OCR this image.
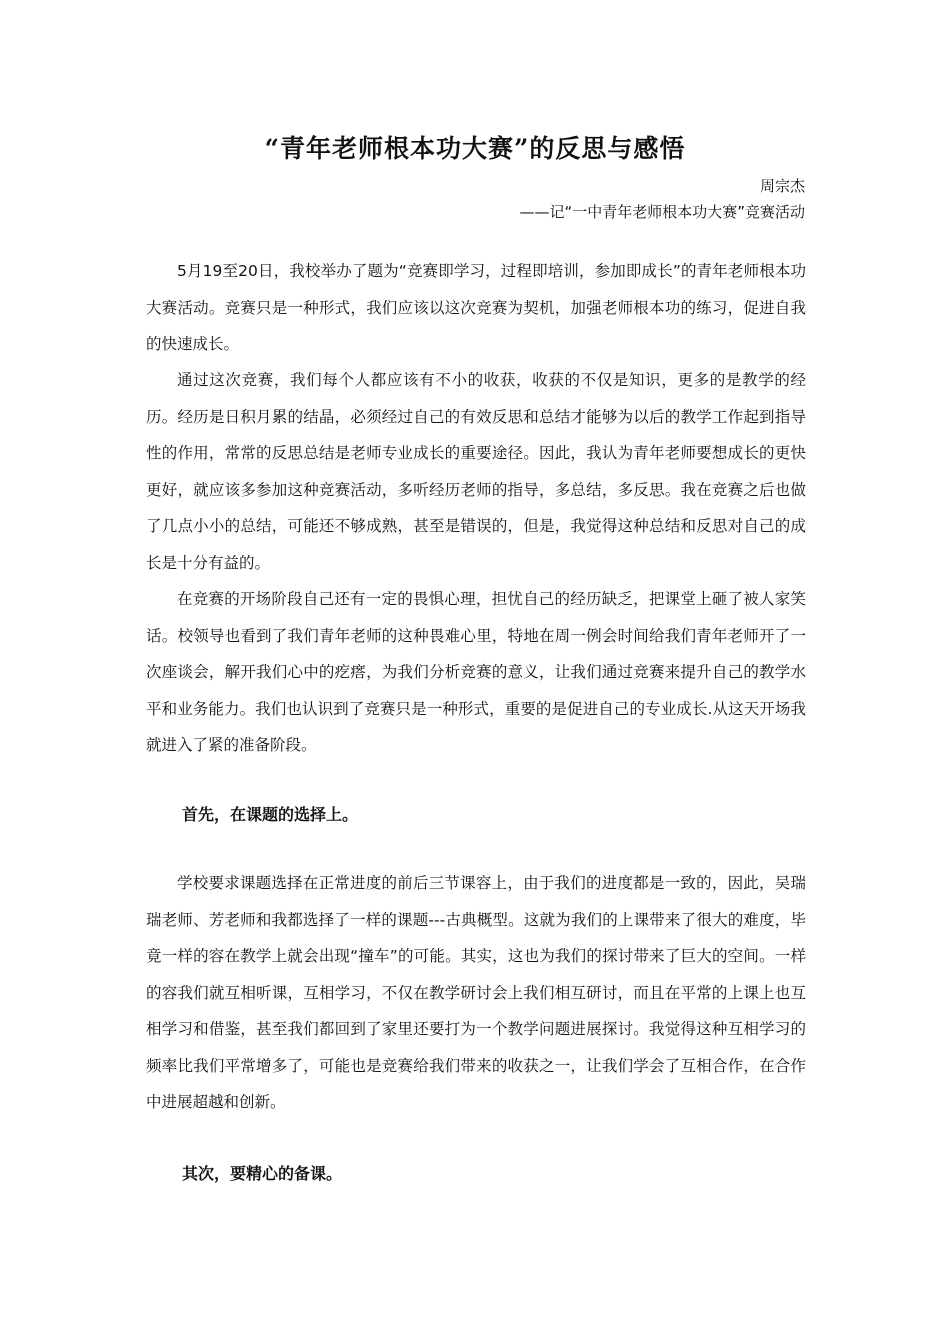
“青年老师根本功大赛”的反思与感悟
周宗杰
——记“一中青年老师根本功大赛”竞赛活动

5月19至20日，我校举办了题为“竞赛即学习，过程即培训，参加即成长”的青年老师根本功大赛活动。竞赛只是一种形式，我们应该以这次竞赛为契机，加强老师根本功的练习，促进自我的快速成长。

通过这次竞赛，我们每个人都应该有不小的收获，收获的不仅是知识，更多的是教学的经历。经历是日积月累的结晶，必须经过自己的有效反思和总结才能够为以后的教学工作起到指导性的作用，常常的反思总结是老师专业成长的重要途径。因此，我认为青年老师要想成长的更快更好，就应该多参加这种竞赛活动，多听经历老师的指导，多总结，多反思。我在竞赛之后也做了几点小小的总结，可能还不够成熟，甚至是错误的，但是，我觉得这种总结和反思对自己的成长是十分有益的。

在竞赛的开场阶段自己还有一定的畏惧心理，担忧自己的经历缺乏，把课堂上砸了被人家笑话。校领导也看到了我们青年老师的这种畏难心里，特地在周一例会时间给我们青年老师开了一次座谈会，解开我们心中的疙瘩，为我们分析竞赛的意义，让我们通过竞赛来提升自己的教学水平和业务能力。我们也认识到了竞赛只是一种形式，重要的是促进自己的专业成长.从这天开场我就进入了紧的准备阶段。

首先，在课题的选择上。

学校要求课题选择在正常进度的前后三节课容上，由于我们的进度都是一致的，因此，吴瑞瑞老师、芳老师和我都选择了一样的课题---古典概型。这就为我们的上课带来了很大的难度，毕竟一样的容在教学上就会出现“撞车”的可能。其实，这也为我们的探讨带来了巨大的空间。一样的容我们就互相听课，互相学习，不仅在教学研讨会上我们相互研讨，而且在平常的上课上也互相学习和借鉴，甚至我们都回到了家里还要打为一个教学问题进展探讨。我觉得这种互相学习的频率比我们平常增多了，可能也是竞赛给我们带来的收获之一，让我们学会了互相合作，在合作中进展超越和创新。

其次，要精心的备课。
